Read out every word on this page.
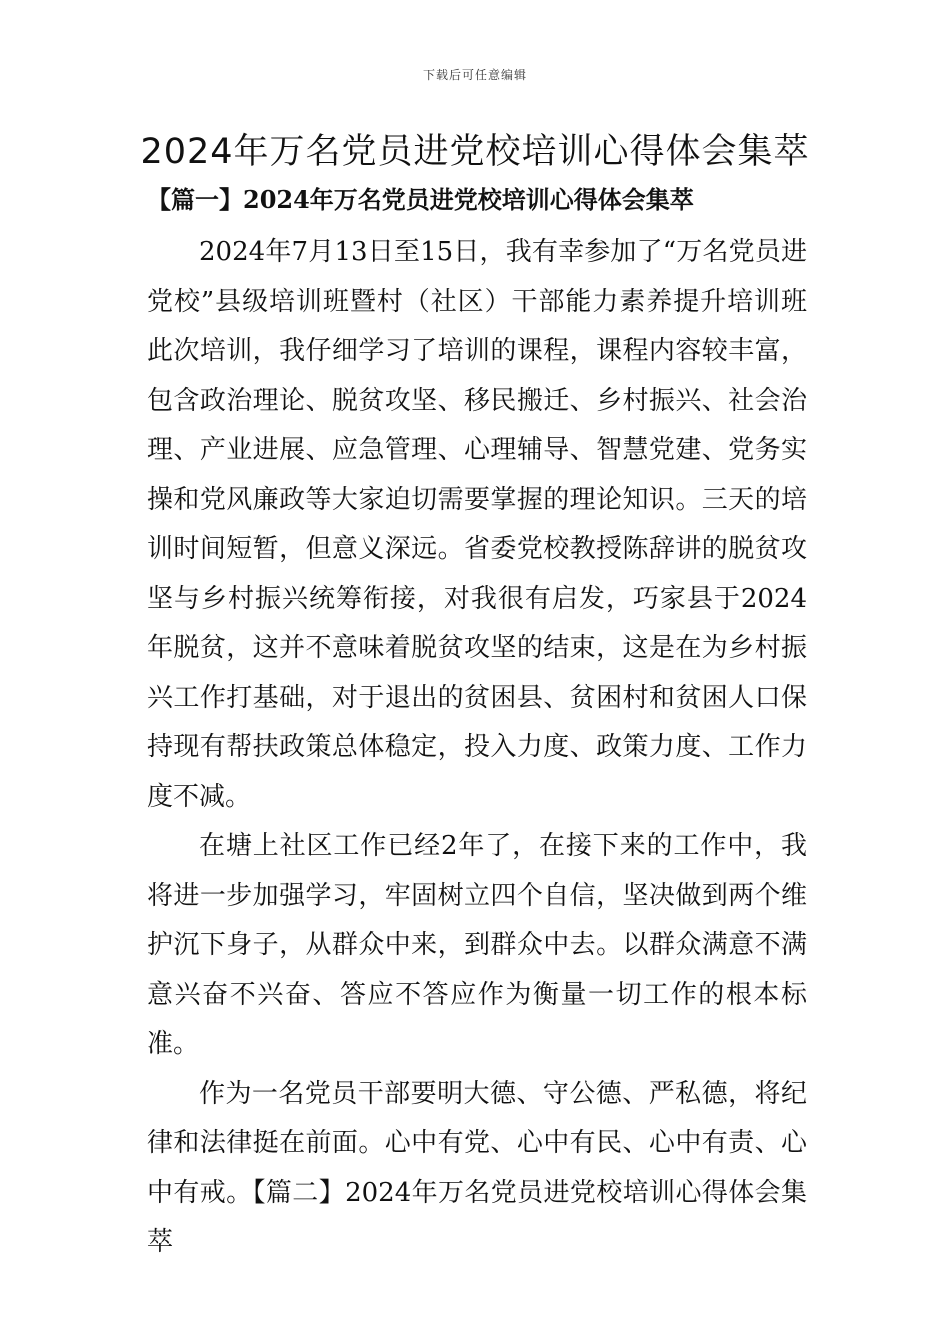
下载后可任意编辑
2024年万名党员进党校培训心得体会集萃
【篇一】2024年万名党员进党校培训心得体会集萃

2024年7月13日至15日，我有幸参加了“万名党员进党校”县级培训班暨村（社区）干部能力素养提升培训班此次培训，我仔细学习了培训的课程，课程内容较丰富，包含政治理论、脱贫攻坚、移民搬迁、乡村振兴、社会治理、产业进展、应急管理、心理辅导、智慧党建、党务实操和党风廉政等大家迫切需要掌握的理论知识。三天的培训时间短暂，但意义深远。省委党校教授陈辞讲的脱贫攻坚与乡村振兴统筹衔接，对我很有启发，巧家县于2024年脱贫，这并不意味着脱贫攻坚的结束，这是在为乡村振兴工作打基础，对于退出的贫困县、贫困村和贫困人口保持现有帮扶政策总体稳定，投入力度、政策力度、工作力度不减。

在塘上社区工作已经2年了，在接下来的工作中，我将进一步加强学习，牢固树立四个自信，坚决做到两个维护沉下身子，从群众中来，到群众中去。以群众满意不满意兴奋不兴奋、答应不答应作为衡量一切工作的根本标准。

作为一名党员干部要明大德、守公德、严私德，将纪律和法律挺在前面。心中有党、心中有民、心中有责、心中有戒。【篇二】2024年万名党员进党校培训心得体会集萃
